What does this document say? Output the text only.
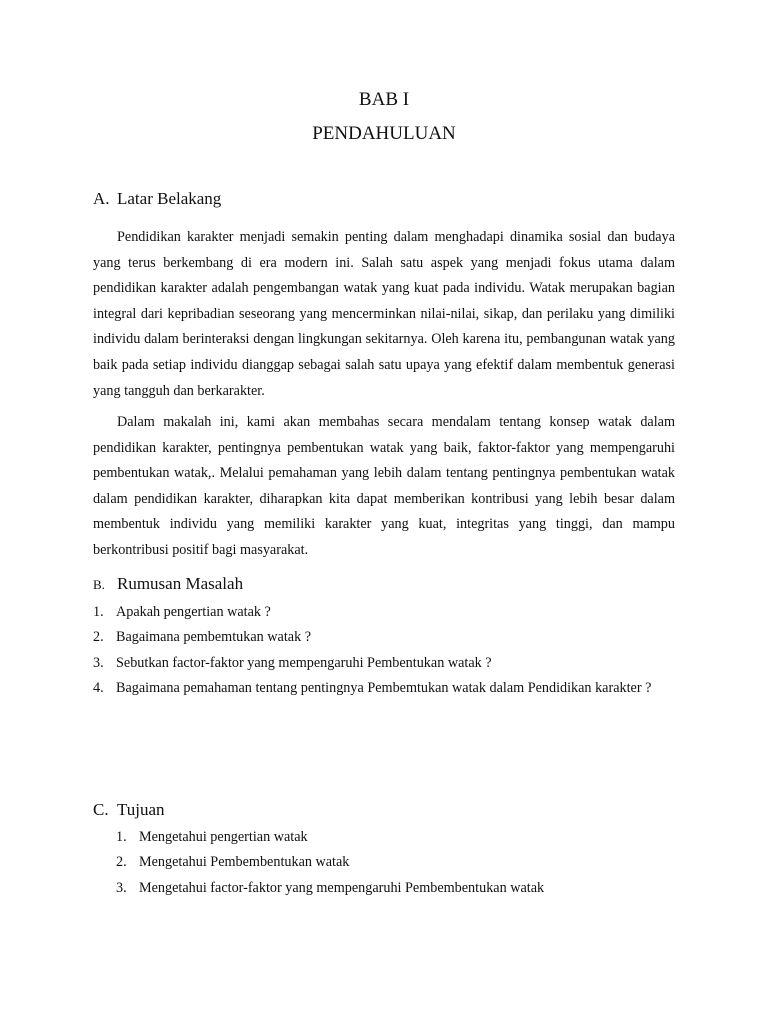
BAB I
PENDAHULUAN
A. Latar Belakang

Pendidikan karakter menjadi semakin penting dalam menghadapi dinamika sosial dan budaya yang terus berkembang di era modern ini. Salah satu aspek yang menjadi fokus utama dalam pendidikan karakter adalah pengembangan watak yang kuat pada individu. Watak merupakan bagian integral dari kepribadian seseorang yang mencerminkan nilai-nilai, sikap, dan perilaku yang dimiliki individu dalam berinteraksi dengan lingkungan sekitarnya. Oleh karena itu, pembangunan watak yang baik pada setiap individu dianggap sebagai salah satu upaya yang efektif dalam membentuk generasi yang tangguh dan berkarakter.

Dalam makalah ini, kami akan membahas secara mendalam tentang konsep watak dalam pendidikan karakter, pentingnya pembentukan watak yang baik, faktor-faktor yang mempengaruhi pembentukan watak,. Melalui pemahaman yang lebih dalam tentang pentingnya pembentukan watak dalam pendidikan karakter, diharapkan kita dapat memberikan kontribusi yang lebih besar dalam membentuk individu yang memiliki karakter yang kuat, integritas yang tinggi, dan mampu berkontribusi positif bagi masyarakat.

B. Rumusan Masalah
1. Apakah pengertian watak ?
2. Bagaimana pembemtukan watak ?
3. Sebutkan factor-faktor yang mempengaruhi Pembentukan watak ?
4. Bagaimana pemahaman tentang pentingnya Pembemtukan watak dalam Pendidikan karakter ?
C. Tujuan
1. Mengetahui pengertian watak
2. Mengetahui Pembembentukan watak
3. Mengetahui factor-faktor yang mempengaruhi Pembembentukan watak
